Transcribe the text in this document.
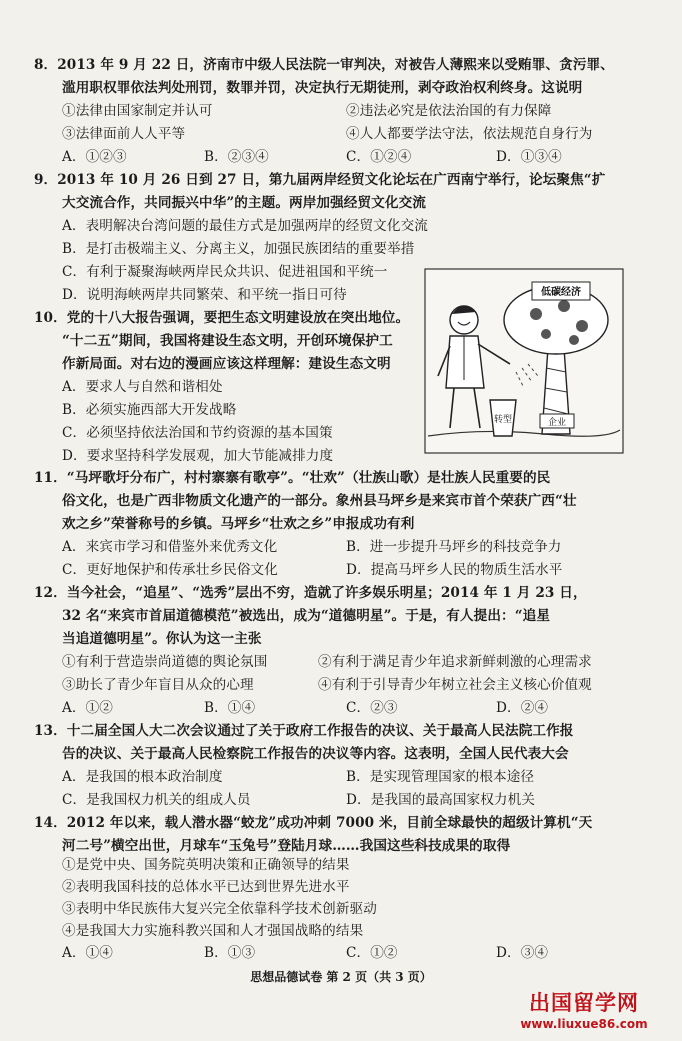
8．2013 年 9 月 22 日，济南市中级人民法院一审判决，对被告人薄熙来以受贿罪、贪污罪、
滥用职权罪依法判处刑罚，数罪并罚，决定执行无期徒刑，剥夺政治权利终身。这说明
①法律由国家制定并认可	②违法必究是依法治国的有力保障
③法律面前人人平等	④人人都要学法守法，依法规范自身行为
A．①②③	B．②③④	C．①②④	D．①③④
9．2013 年 10 月 26 日到 27 日，第九届两岸经贸文化论坛在广西南宁举行，论坛聚焦“扩
大交流合作，共同振兴中华”的主题。两岸加强经贸文化交流
A．表明解决台湾问题的最佳方式是加强两岸的经贸文化交流
B．是打击极端主义、分离主义，加强民族团结的重要举措
C．有利于凝聚海峡两岸民众共识、促进祖国和平统一
D．说明海峡两岸共同繁荣、和平统一指日可待
10．党的十八大报告强调，要把生态文明建设放在突出地位。
“十二五”期间，我国将建设生态文明，开创环境保护工
作新局面。对右边的漫画应该这样理解：建设生态文明
A．要求人与自然和谐相处
B．必须实施西部大开发战略
C．必须坚持依法治国和节约资源的基本国策
D．要求坚持科学发展观，加大节能减排力度
低碳经济
企业
转型
11．“马坪歌圩分布广，村村寨寨有歌亭”。“壮欢”（壮族山歌）是壮族人民重要的民
俗文化，也是广西非物质文化遗产的一部分。象州县马坪乡是来宾市首个荣获广西“壮
欢之乡”荣誉称号的乡镇。马坪乡“壮欢之乡”申报成功有利
A．来宾市学习和借鉴外来优秀文化	B．进一步提升马坪乡的科技竞争力
C．更好地保护和传承壮乡民俗文化	D．提高马坪乡人民的物质生活水平
12．当今社会，“追星”、“选秀”层出不穷，造就了许多娱乐明星；2014 年 1 月 23 日，
32 名“来宾市首届道德模范”被选出，成为“道德明星”。于是，有人提出：“追星
当追道德明星”。你认为这一主张
①有利于营造崇尚道德的舆论氛围	②有利于满足青少年追求新鲜刺激的心理需求
③助长了青少年盲目从众的心理	④有利于引导青少年树立社会主义核心价值观
A．①②	B．①④	C．②③	D．②④
13．十二届全国人大二次会议通过了关于政府工作报告的决议、关于最高人民法院工作报
告的决议、关于最高人民检察院工作报告的决议等内容。这表明，全国人民代表大会
A．是我国的根本政治制度	B．是实现管理国家的根本途径
C．是我国权力机关的组成人员	D．是我国的最高国家权力机关
14．2012 年以来，载人潜水器“蛟龙”成功冲刺 7000 米，目前全球最快的超级计算机“天
河二号”横空出世，月球车“玉兔号”登陆月球……我国这些科技成果的取得
①是党中央、国务院英明决策和正确领导的结果
②表明我国科技的总体水平已达到世界先进水平
③表明中华民族伟大复兴完全依靠科学技术创新驱动
④是我国大力实施科教兴国和人才强国战略的结果
思想品德试卷 第 2 页（共 3 页）
出国留学网
www.liuxue86.com
A．①④	B．①③	C．①②	D．③④
